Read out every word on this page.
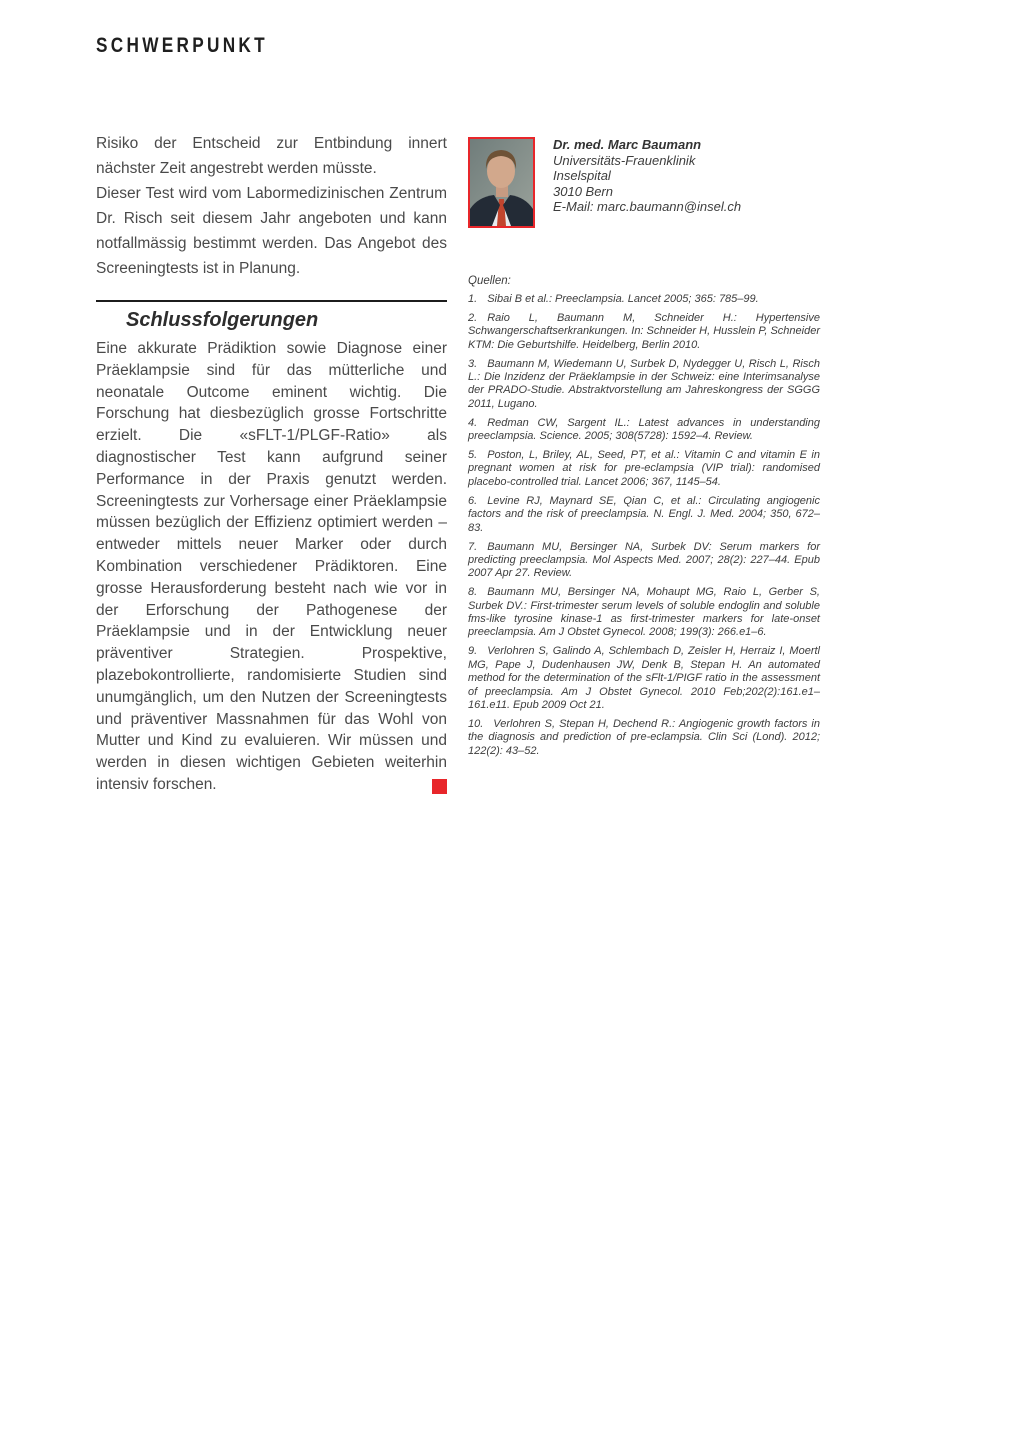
SCHWERPUNKT

Risiko der Entscheid zur Entbindung innert nächster Zeit angestrebt werden müsste.

Dieser Test wird vom Labormedizinischen Zentrum Dr. Risch seit diesem Jahr angeboten und kann notfallmässig bestimmt werden. Das Angebot des Screeningtests ist in Planung.

Schlussfolgerungen

Eine akkurate Prädiktion sowie Diagnose einer Präeklampsie sind für das mütterliche und neonatale Outcome eminent wichtig. Die Forschung hat diesbezüglich grosse Fortschritte erzielt. Die «sFLT-1/PLGF-Ratio» als diagnostischer Test kann aufgrund seiner Performance in der Praxis genutzt werden. Screeningtests zur Vorhersage einer Präeklampsie müssen bezüglich der Effizienz optimiert werden – entweder mittels neuer Marker oder durch Kombination verschiedener Prädiktoren. Eine grosse Herausforderung besteht nach wie vor in der Erforschung der Pathogenese der Präeklampsie und in der Entwicklung neuer präventiver Strategien. Prospektive, plazebokontrollierte, randomisierte Studien sind unumgänglich, um den Nutzen der Screeningtests und präventiver Massnahmen für das Wohl von Mutter und Kind zu evaluieren. Wir müssen und werden in diesen wichtigen Gebieten weiterhin intensiv forschen.

Dr. med. Marc Baumann
Universitäts-Frauenklinik
Inselspital
3010 Bern
E-Mail: marc.baumann@insel.ch

Quellen:

1. Sibai B et al.: Preeclampsia. Lancet 2005; 365: 785–99.

2. Raio L, Baumann M, Schneider H.: Hypertensive Schwangerschaftserkrankungen. In: Schneider H, Husslein P, Schneider KTM: Die Geburtshilfe. Heidelberg, Berlin 2010.

3. Baumann M, Wiedemann U, Surbek D, Nydegger U, Risch L, Risch L.: Die Inzidenz der Präeklampsie in der Schweiz: eine Interimsanalyse der PRADO-Studie. Abstraktvorstellung am Jahreskongress der SGGG 2011, Lugano.

4. Redman CW, Sargent IL.: Latest advances in understanding preeclampsia. Science. 2005; 308(5728): 1592–4. Review.

5. Poston, L, Briley, AL, Seed, PT, et al.: Vitamin C and vitamin E in pregnant women at risk for pre-eclampsia (VIP trial): randomised placebo-controlled trial. Lancet 2006; 367, 1145–54.

6. Levine RJ, Maynard SE, Qian C, et al.: Circulating angiogenic factors and the risk of preeclampsia. N. Engl. J. Med. 2004; 350, 672–83.

7. Baumann MU, Bersinger NA, Surbek DV: Serum markers for predicting preeclampsia. Mol Aspects Med. 2007; 28(2): 227–44. Epub 2007 Apr 27. Review.

8. Baumann MU, Bersinger NA, Mohaupt MG, Raio L, Gerber S, Surbek DV.: First-trimester serum levels of soluble endoglin and soluble fms-like tyrosine kinase-1 as first-trimester markers for late-onset preeclampsia. Am J Obstet Gynecol. 2008; 199(3): 266.e1–6.

9. Verlohren S, Galindo A, Schlembach D, Zeisler H, Herraiz I, Moertl MG, Pape J, Dudenhausen JW, Denk B, Stepan H. An automated method for the determination of the sFlt-1/PIGF ratio in the assessment of preeclampsia. Am J Obstet Gynecol. 2010 Feb;202(2):161.e1–161.e11. Epub 2009 Oct 21.

10. Verlohren S, Stepan H, Dechend R.: Angiogenic growth factors in the diagnosis and prediction of pre-eclampsia. Clin Sci (Lond). 2012; 122(2): 43–52.
